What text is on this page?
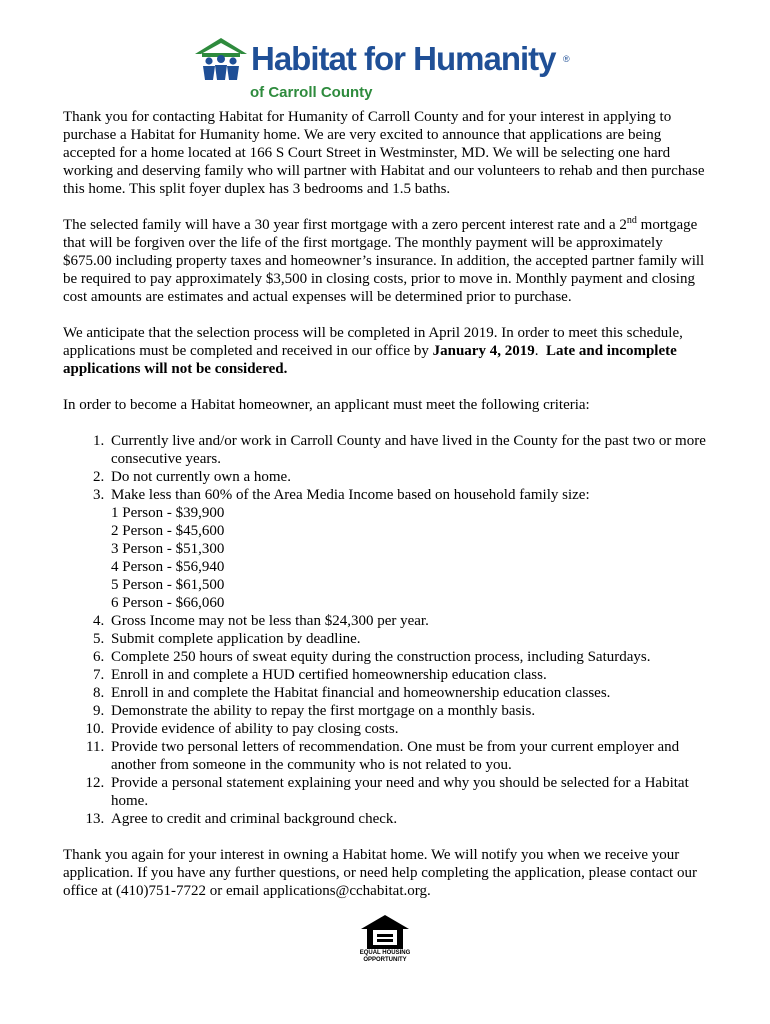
Habitat for Humanity ®
of Carroll County

Thank you for contacting Habitat for Humanity of Carroll County and for your interest in applying to purchase a Habitat for Humanity home. We are very excited to announce that applications are being accepted for a home located at 166 S Court Street in Westminster, MD. We will be selecting one hard working and deserving family who will partner with Habitat and our volunteers to rehab and then purchase this home. This split foyer duplex has 3 bedrooms and 1.5 baths.

The selected family will have a 30 year first mortgage with a zero percent interest rate and a 2nd mortgage that will be forgiven over the life of the first mortgage. The monthly payment will be approximately $675.00 including property taxes and homeowner’s insurance. In addition, the accepted partner family will be required to pay approximately $3,500 in closing costs, prior to move in. Monthly payment and closing cost amounts are estimates and actual expenses will be determined prior to purchase.

We anticipate that the selection process will be completed in April 2019. In order to meet this schedule, applications must be completed and received in our office by January 4, 2019.  Late and incomplete applications will not be considered.

In order to become a Habitat homeowner, an applicant must meet the following criteria:

1. Currently live and/or work in Carroll County and have lived in the County for the past two or more consecutive years.
2. Do not currently own a home.
3. Make less than 60% of the Area Media Income based on household family size:
1 Person - $39,900
2 Person - $45,600
3 Person - $51,300
4 Person - $56,940
5 Person - $61,500
6 Person - $66,060
4. Gross Income may not be less than $24,300 per year.
5. Submit complete application by deadline.
6. Complete 250 hours of sweat equity during the construction process, including Saturdays.
7. Enroll in and complete a HUD certified homeownership education class.
8. Enroll in and complete the Habitat financial and homeownership education classes.
9. Demonstrate the ability to repay the first mortgage on a monthly basis.
10. Provide evidence of ability to pay closing costs.
11. Provide two personal letters of recommendation. One must be from your current employer and another from someone in the community who is not related to you.
12. Provide a personal statement explaining your need and why you should be selected for a Habitat home.
13. Agree to credit and criminal background check.

Thank you again for your interest in owning a Habitat home. We will notify you when we receive your application. If you have any further questions, or need help completing the application, please contact our office at (410)751-7722 or email applications@cchabitat.org.

EQUAL HOUSING
OPPORTUNITY
